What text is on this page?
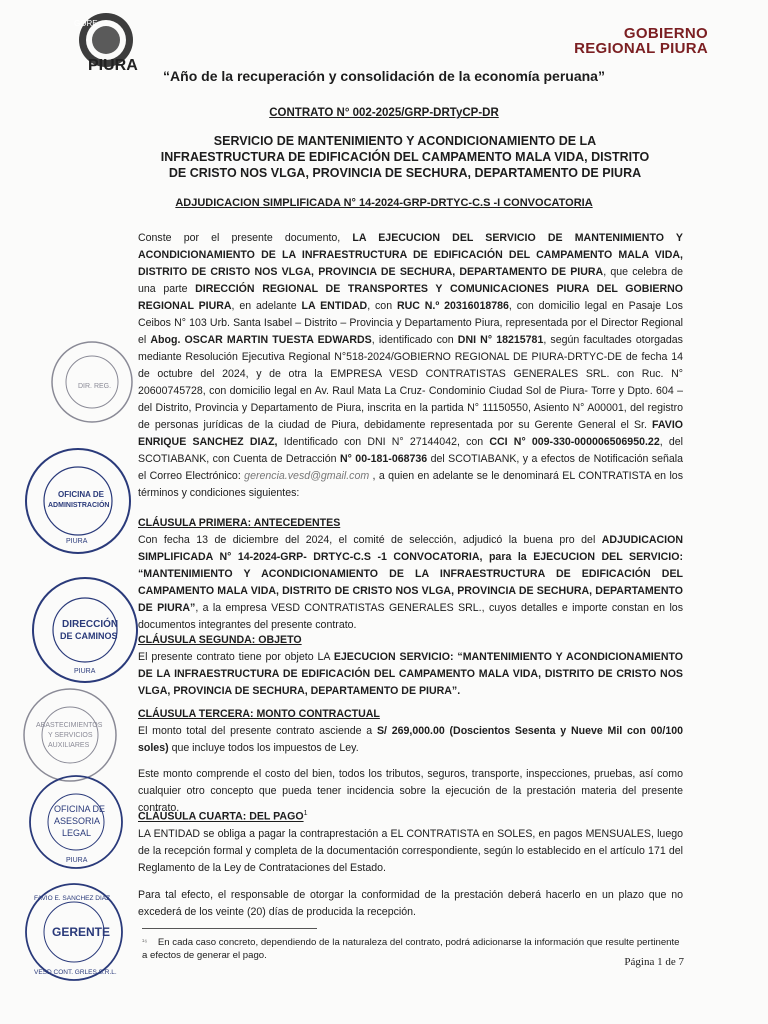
GORE
PIURA
GOBIERNO
REGIONAL PIURA
“Año de la recuperación y consolidación de la economía peruana”
CONTRATO N° 002-2025/GRP-DRTyCP-DR
SERVICIO DE MANTENIMIENTO Y ACONDICIONAMIENTO DE LA INFRAESTRUCTURA DE EDIFICACIÓN DEL CAMPAMENTO MALA VIDA, DISTRITO DE CRISTO NOS VLGA, PROVINCIA DE SECHURA, DEPARTAMENTO DE PIURA
ADJUDICACION SIMPLIFICADA N° 14-2024-GRP-DRTYC-C.S -I CONVOCATORIA
Conste por el presente documento, LA EJECUCION DEL SERVICIO DE MANTENIMIENTO Y ACONDICIONAMIENTO DE LA INFRAESTRUCTURA DE EDIFICACIÓN DEL CAMPAMENTO MALA VIDA, DISTRITO DE CRISTO NOS VLGA, PROVINCIA DE SECHURA, DEPARTAMENTO DE PIURA, que celebra de una parte DIRECCIÓN REGIONAL DE TRANSPORTES Y COMUNICACIONES PIURA DEL GOBIERNO REGIONAL PIURA, en adelante LA ENTIDAD, con RUC N.º 20316018786, con domicilio legal en Pasaje Los Ceibos N° 103 Urb. Santa Isabel – Distrito – Provincia y Departamento Piura, representada por el Director Regional el Abog. OSCAR MARTIN TUESTA EDWARDS, identificado con DNI N° 18215781, según facultades otorgadas mediante Resolución Ejecutiva Regional N°518-2024/GOBIERNO REGIONAL DE PIURA-DRTYC-DE de fecha 14 de octubre del 2024, y de otra la EMPRESA VESD CONTRATISTAS GENERALES SRL. con Ruc. N° 20600745728, con domicilio legal en Av. Raul Mata La Cruz- Condominio Ciudad Sol de Piura- Torre y Dpto. 604 – del Distrito, Provincia y Departamento de Piura, inscrita en la partida N° 11150550, Asiento N° A00001, del registro de personas jurídicas de la ciudad de Piura, debidamente representada por su Gerente General el Sr. FAVIO ENRIQUE SANCHEZ DIAZ, Identificado con DNI N° 27144042, con CCI N° 009-330-000006506950.22, del SCOTIABANK, con Cuenta de Detracción N° 00-181-068736 del SCOTIABANK, y a efectos de Notificación señala el Correo Electrónico: gerencia.vesd@gmail.com , a quien en adelante se le denominará EL CONTRATISTA en los términos y condiciones siguientes:
CLÁUSULA PRIMERA: ANTECEDENTES
Con fecha 13 de diciembre del 2024, el comité de selección, adjudicó la buena pro del ADJUDICACION SIMPLIFICADA N° 14-2024-GRP- DRTYC-C.S -1 CONVOCATORIA, para la EJECUCION DEL SERVICIO: “MANTENIMIENTO Y ACONDICIONAMIENTO DE LA INFRAESTRUCTURA DE EDIFICACIÓN DEL CAMPAMENTO MALA VIDA, DISTRITO DE CRISTO NOS VLGA, PROVINCIA DE SECHURA, DEPARTAMENTO DE PIURA”, a la empresa VESD CONTRATISTAS GENERALES SRL., cuyos detalles e importe constan en los documentos integrantes del presente contrato.
CLÁUSULA SEGUNDA: OBJETO
El presente contrato tiene por objeto LA EJECUCION SERVICIO: “MANTENIMIENTO Y ACONDICIONAMIENTO DE LA INFRAESTRUCTURA DE EDIFICACIÓN DEL CAMPAMENTO MALA VIDA, DISTRITO DE CRISTO NOS VLGA, PROVINCIA DE SECHURA, DEPARTAMENTO DE PIURA”.
CLÁUSULA TERCERA: MONTO CONTRACTUAL
El monto total del presente contrato asciende a S/ 269,000.00 (Doscientos Sesenta y Nueve Mil con 00/100 soles) que incluye todos los impuestos de Ley.
Este monto comprende el costo del bien, todos los tributos, seguros, transporte, inspecciones, pruebas, así como cualquier otro concepto que pueda tener incidencia sobre la ejecución de la prestación materia del presente contrato.
CLÁUSULA CUARTA: DEL PAGO$^1$
LA ENTIDAD se obliga a pagar la contraprestación a EL CONTRATISTA en SOLES, en pagos MENSUALES, luego de la recepción formal y completa de la documentación correspondiente, según lo establecido en el artículo 171 del Reglamento de la Ley de Contrataciones del Estado.
Para tal efecto, el responsable de otorgar la conformidad de la prestación deberá hacerlo en un plazo que no excederá de los veinte (20) días de producida la recepción.
$^{^{16}}$ En cada caso concreto, dependiendo de la naturaleza del contrato, podrá adicionarse la información que resulte pertinente a efectos de generar el pago.
Página 1 de 7
DIR. REG.
OFICINA DE
ADMINISTRACIÓN
PIURA
DIRECCIÓN
DE CAMINOS
PIURA
ABASTECIMIENTOS
Y SERVICIOS
AUXILIARES
OFICINA DE
ASESORIA
LEGAL
PIURA
FAVIO E. SANCHEZ DIAZ
GERENTE
VESD CONT. GRLES S.R.L.
